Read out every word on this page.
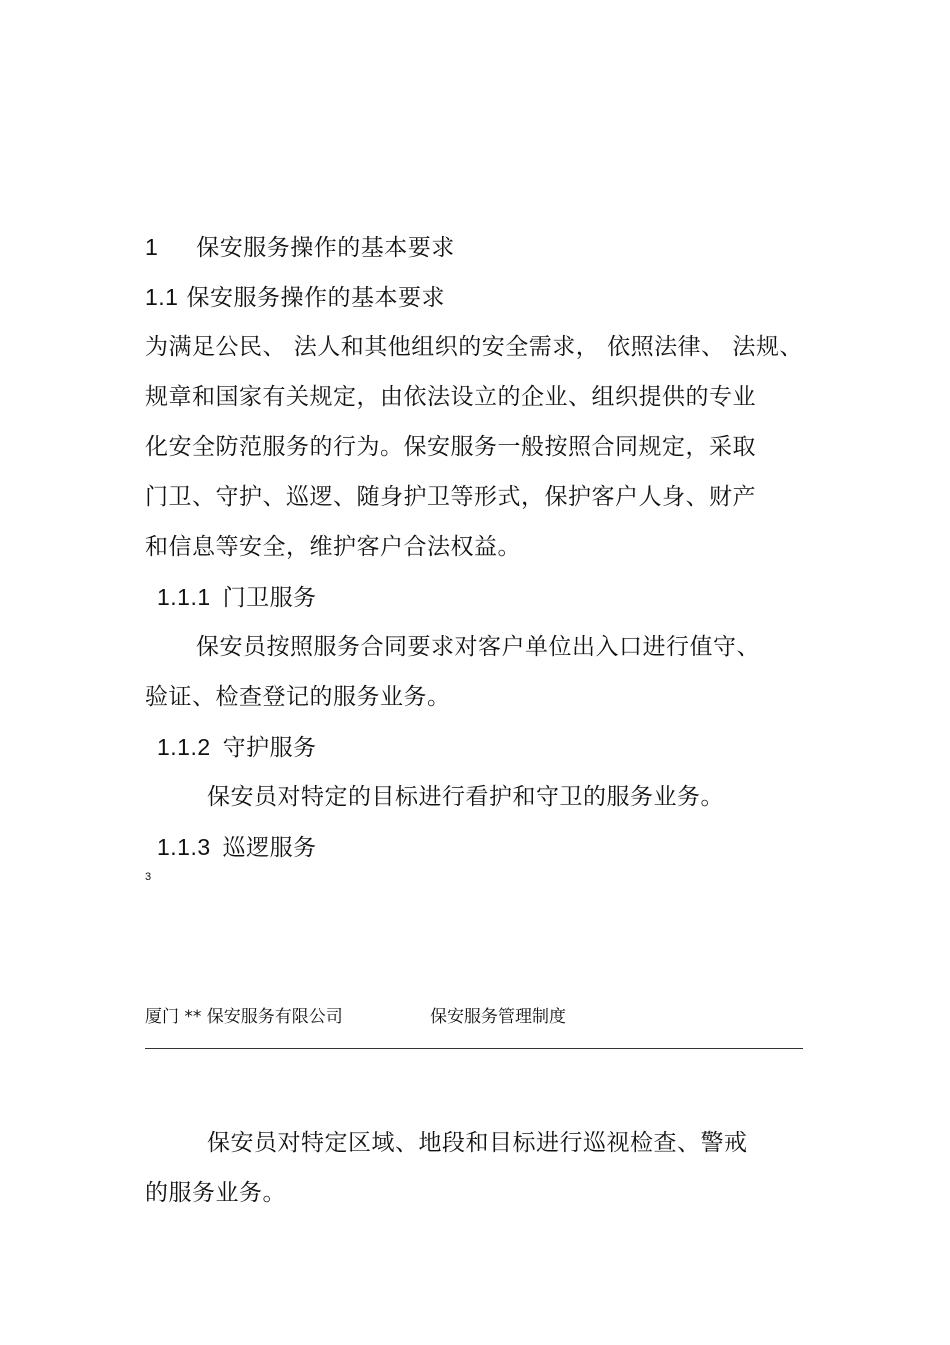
1 保安服务操作的基本要求
1.1 保安服务操作的基本要求
为满足公民、 法人和其他组织的安全需求， 依照法律、 法规、
规章和国家有关规定，由依法设立的企业、组织提供的专业
化安全防范服务的行为。保安服务一般按照合同规定，采取
门卫、守护、巡逻、随身护卫等形式，保护客户人身、财产
和信息等安全，维护客户合法权益。
1.1.1 门卫服务
保安员按照服务合同要求对客户单位出入口进行值守、
验证、检查登记的服务业务。
1.1.2 守护服务
保安员对特定的目标进行看护和守卫的服务业务。
1.1.3 巡逻服务
3
厦门 ** 保安服务有限公司	保安服务管理制度
保安员对特定区域、地段和目标进行巡视检查、警戒
的服务业务。
